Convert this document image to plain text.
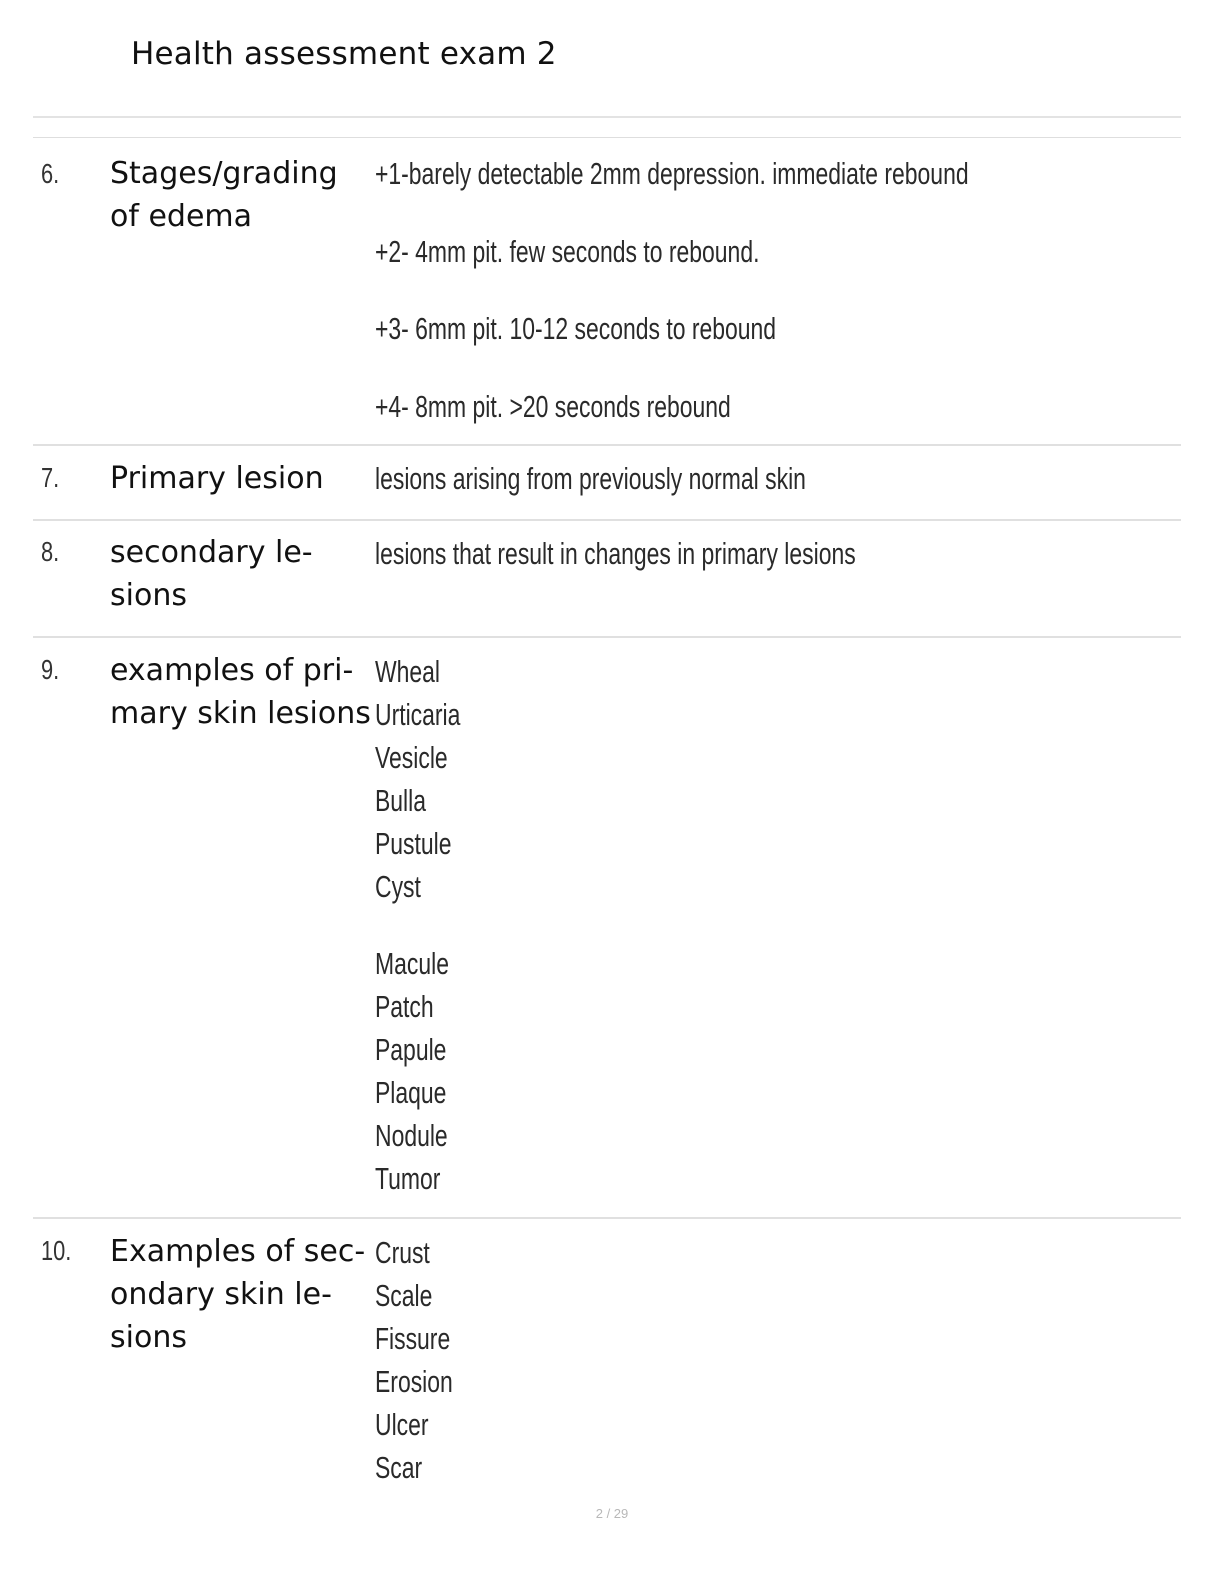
Health assessment exam 2
6. Stages/grading of edema
+1-barely detectable 2mm depression. immediate rebound
+2- 4mm pit. few seconds to rebound.
+3- 6mm pit. 10-12 seconds to rebound
+4- 8mm pit. >20 seconds rebound
7. Primary lesion	lesions arising from previously normal skin
8. secondary le- sions
lesions that result in changes in primary lesions
9. examples of pri- mary skin lesions
Wheal
Urticaria
Vesicle
Bulla
Pustule
Cyst
Macule
Patch
Papule
Plaque
Nodule
Tumor
10. Examples of sec- ondary skin le- sions
Crust
Scale
Fissure
Erosion
Ulcer
Scar
2 / 29
